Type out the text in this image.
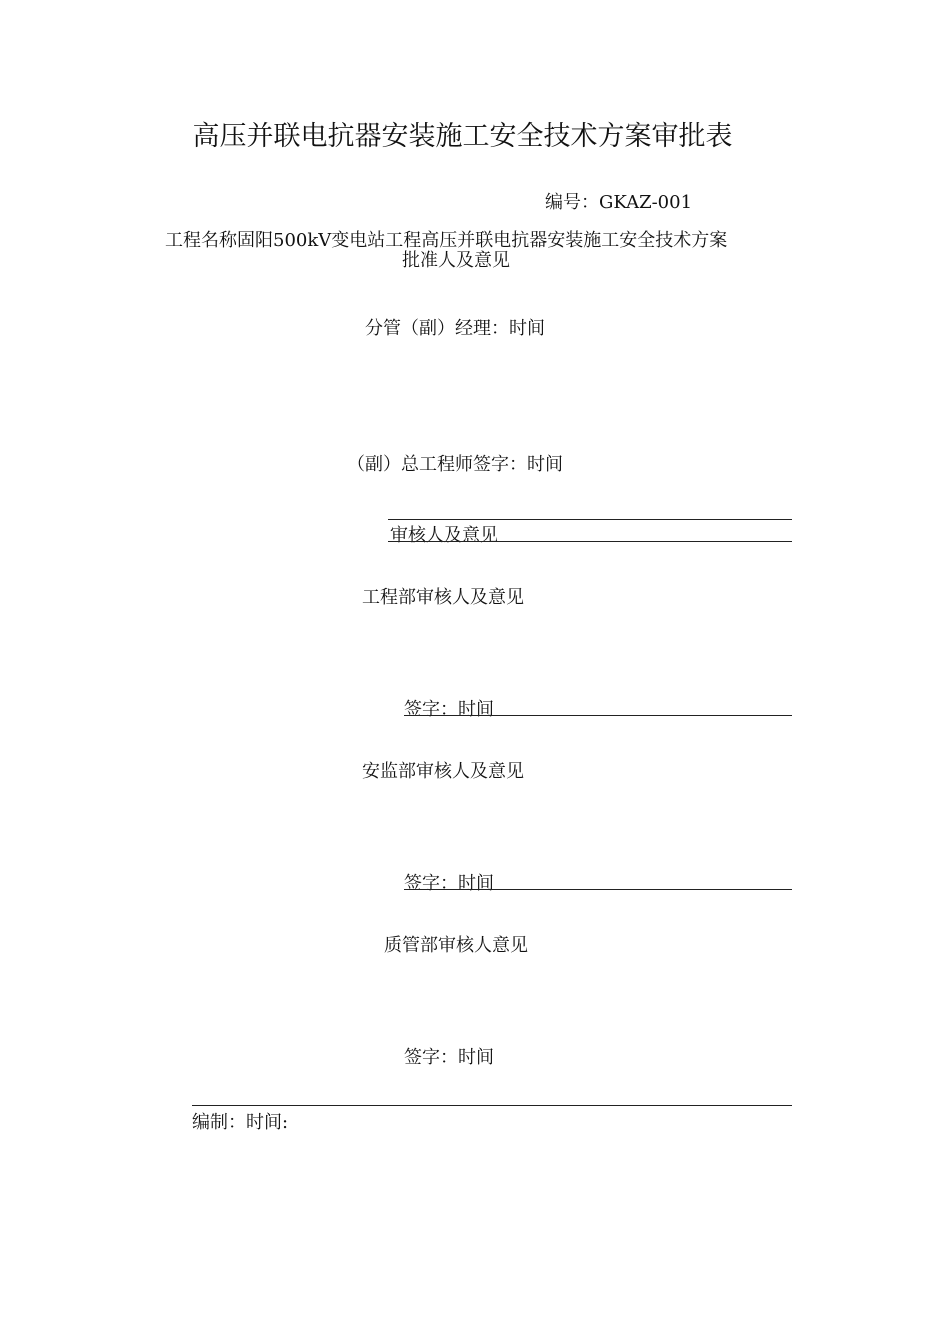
高压并联电抗器安装施工安全技术方案审批表
编号：GKAZ-001
工程名称固阳500kV变电站工程高压并联电抗器安装施工安全技术方案
批准人及意见
分管（副）经理：时间
（副）总工程师签字：时间
审核人及意见
工程部审核人及意见
签字：时间
安监部审核人及意见
签字：时间
质管部审核人意见
签字：时间
编制：时间:
